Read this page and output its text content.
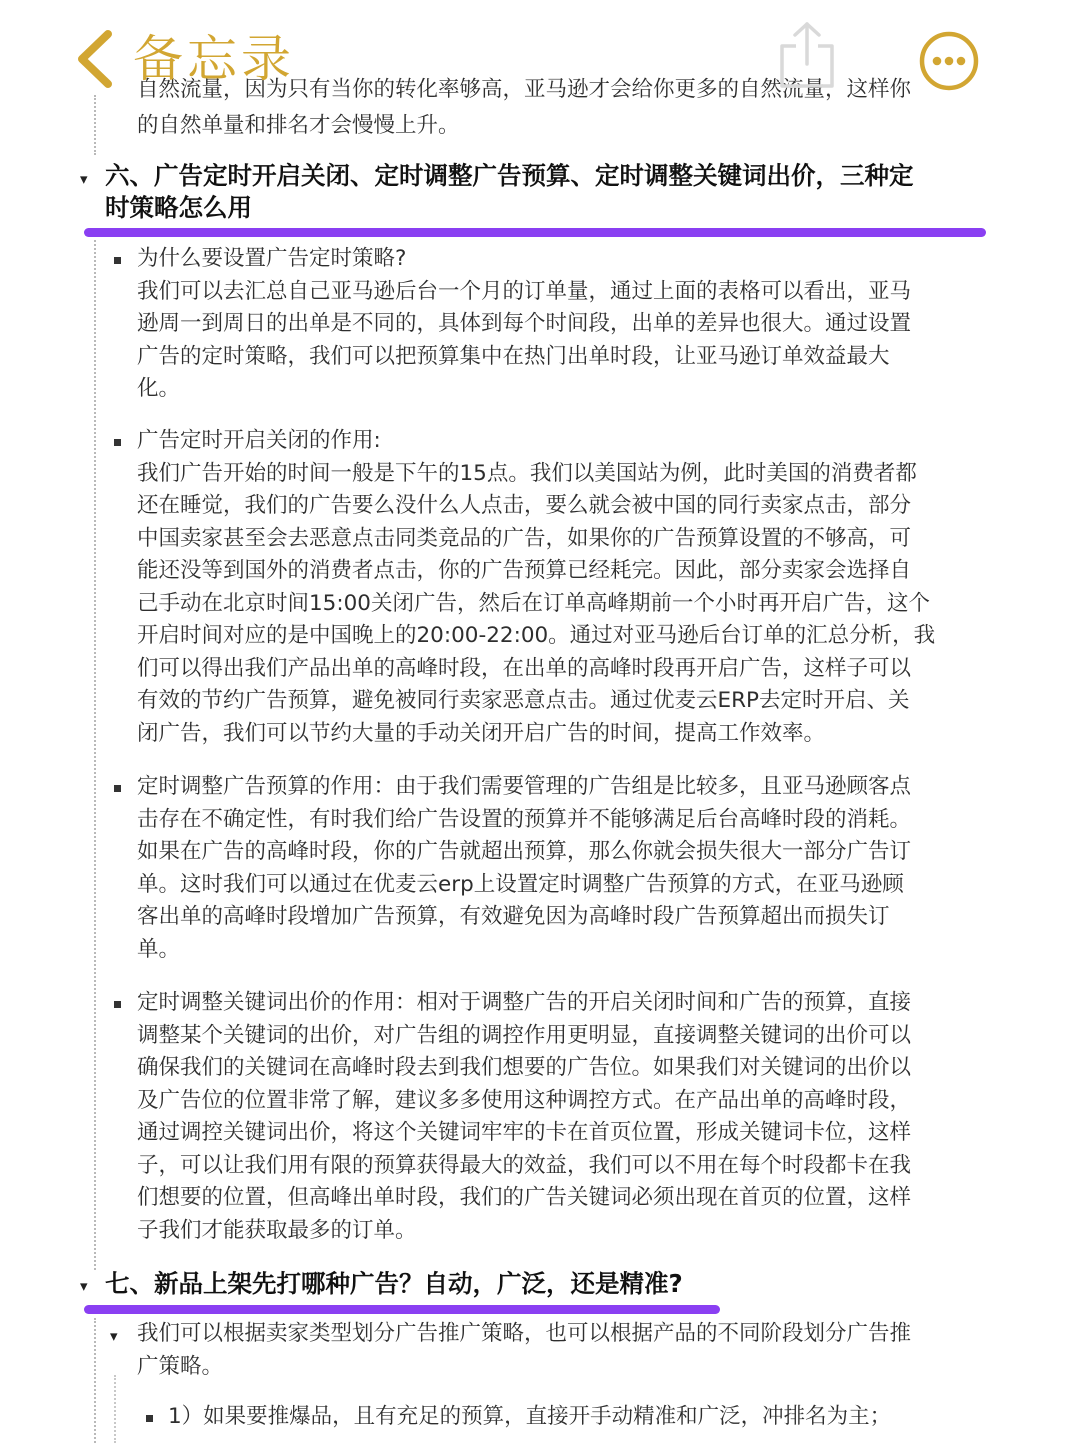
自然流量，因为只有当你的转化率够高，亚马逊才会给你更多的自然流量，这样你

的自然单量和排名才会慢慢上升。

▾ 六、广告定时开启关闭、定时调整广告预算、定时调整关键词出价，三种定
时策略怎么用

为什么要设置广告定时策略?
我们可以去汇总自己亚马逊后台一个月的订单量，通过上面的表格可以看出，亚马
逊周一到周日的出单是不同的，具体到每个时间段，出单的差异也很大。通过设置
广告的定时策略，我们可以把预算集中在热门出单时段，让亚马逊订单效益最大
化。

广告定时开启关闭的作用:
我们广告开始的时间一般是下午的15点。我们以美国站为例，此时美国的消费者都
还在睡觉，我们的广告要么没什么人点击，要么就会被中国的同行卖家点击，部分
中国卖家甚至会去恶意点击同类竞品的广告，如果你的广告预算设置的不够高，可
能还没等到国外的消费者点击，你的广告预算已经耗完。因此，部分卖家会选择自
己手动在北京时间15:00关闭广告，然后在订单高峰期前一个小时再开启广告，这个
开启时间对应的是中国晚上的20:00-22:00。通过对亚马逊后台订单的汇总分析，我
们可以得出我们产品出单的高峰时段，在出单的高峰时段再开启广告，这样子可以
有效的节约广告预算，避免被同行卖家恶意点击。通过优麦云ERP去定时开启、关
闭广告，我们可以节约大量的手动关闭开启广告的时间，提高工作效率。

定时调整广告预算的作用：由于我们需要管理的广告组是比较多，且亚马逊顾客点
击存在不确定性，有时我们给广告设置的预算并不能够满足后台高峰时段的消耗。
如果在广告的高峰时段，你的广告就超出预算，那么你就会损失很大一部分广告订
单。这时我们可以通过在优麦云erp上设置定时调整广告预算的方式，在亚马逊顾
客出单的高峰时段增加广告预算，有效避免因为高峰时段广告预算超出而损失订
单。

定时调整关键词出价的作用：相对于调整广告的开启关闭时间和广告的预算，直接
调整某个关键词的出价，对广告组的调控作用更明显，直接调整关键词的出价可以
确保我们的关键词在高峰时段去到我们想要的广告位。如果我们对关键词的出价以
及广告位的位置非常了解，建议多多使用这种调控方式。在产品出单的高峰时段，
通过调控关键词出价，将这个关键词牢牢的卡在首页位置，形成关键词卡位，这样
子，可以让我们用有限的预算获得最大的效益，我们可以不用在每个时段都卡在我
们想要的位置，但高峰出单时段，我们的广告关键词必须出现在首页的位置，这样
子我们才能获取最多的订单。

▾ 七、新品上架先打哪种广告？自动，广泛，还是精准?

▾ 我们可以根据卖家类型划分广告推广策略，也可以根据产品的不同阶段划分广告推
广策略。

1）如果要推爆品，且有充足的预算，直接开手动精准和广泛，冲排名为主；

备忘录
